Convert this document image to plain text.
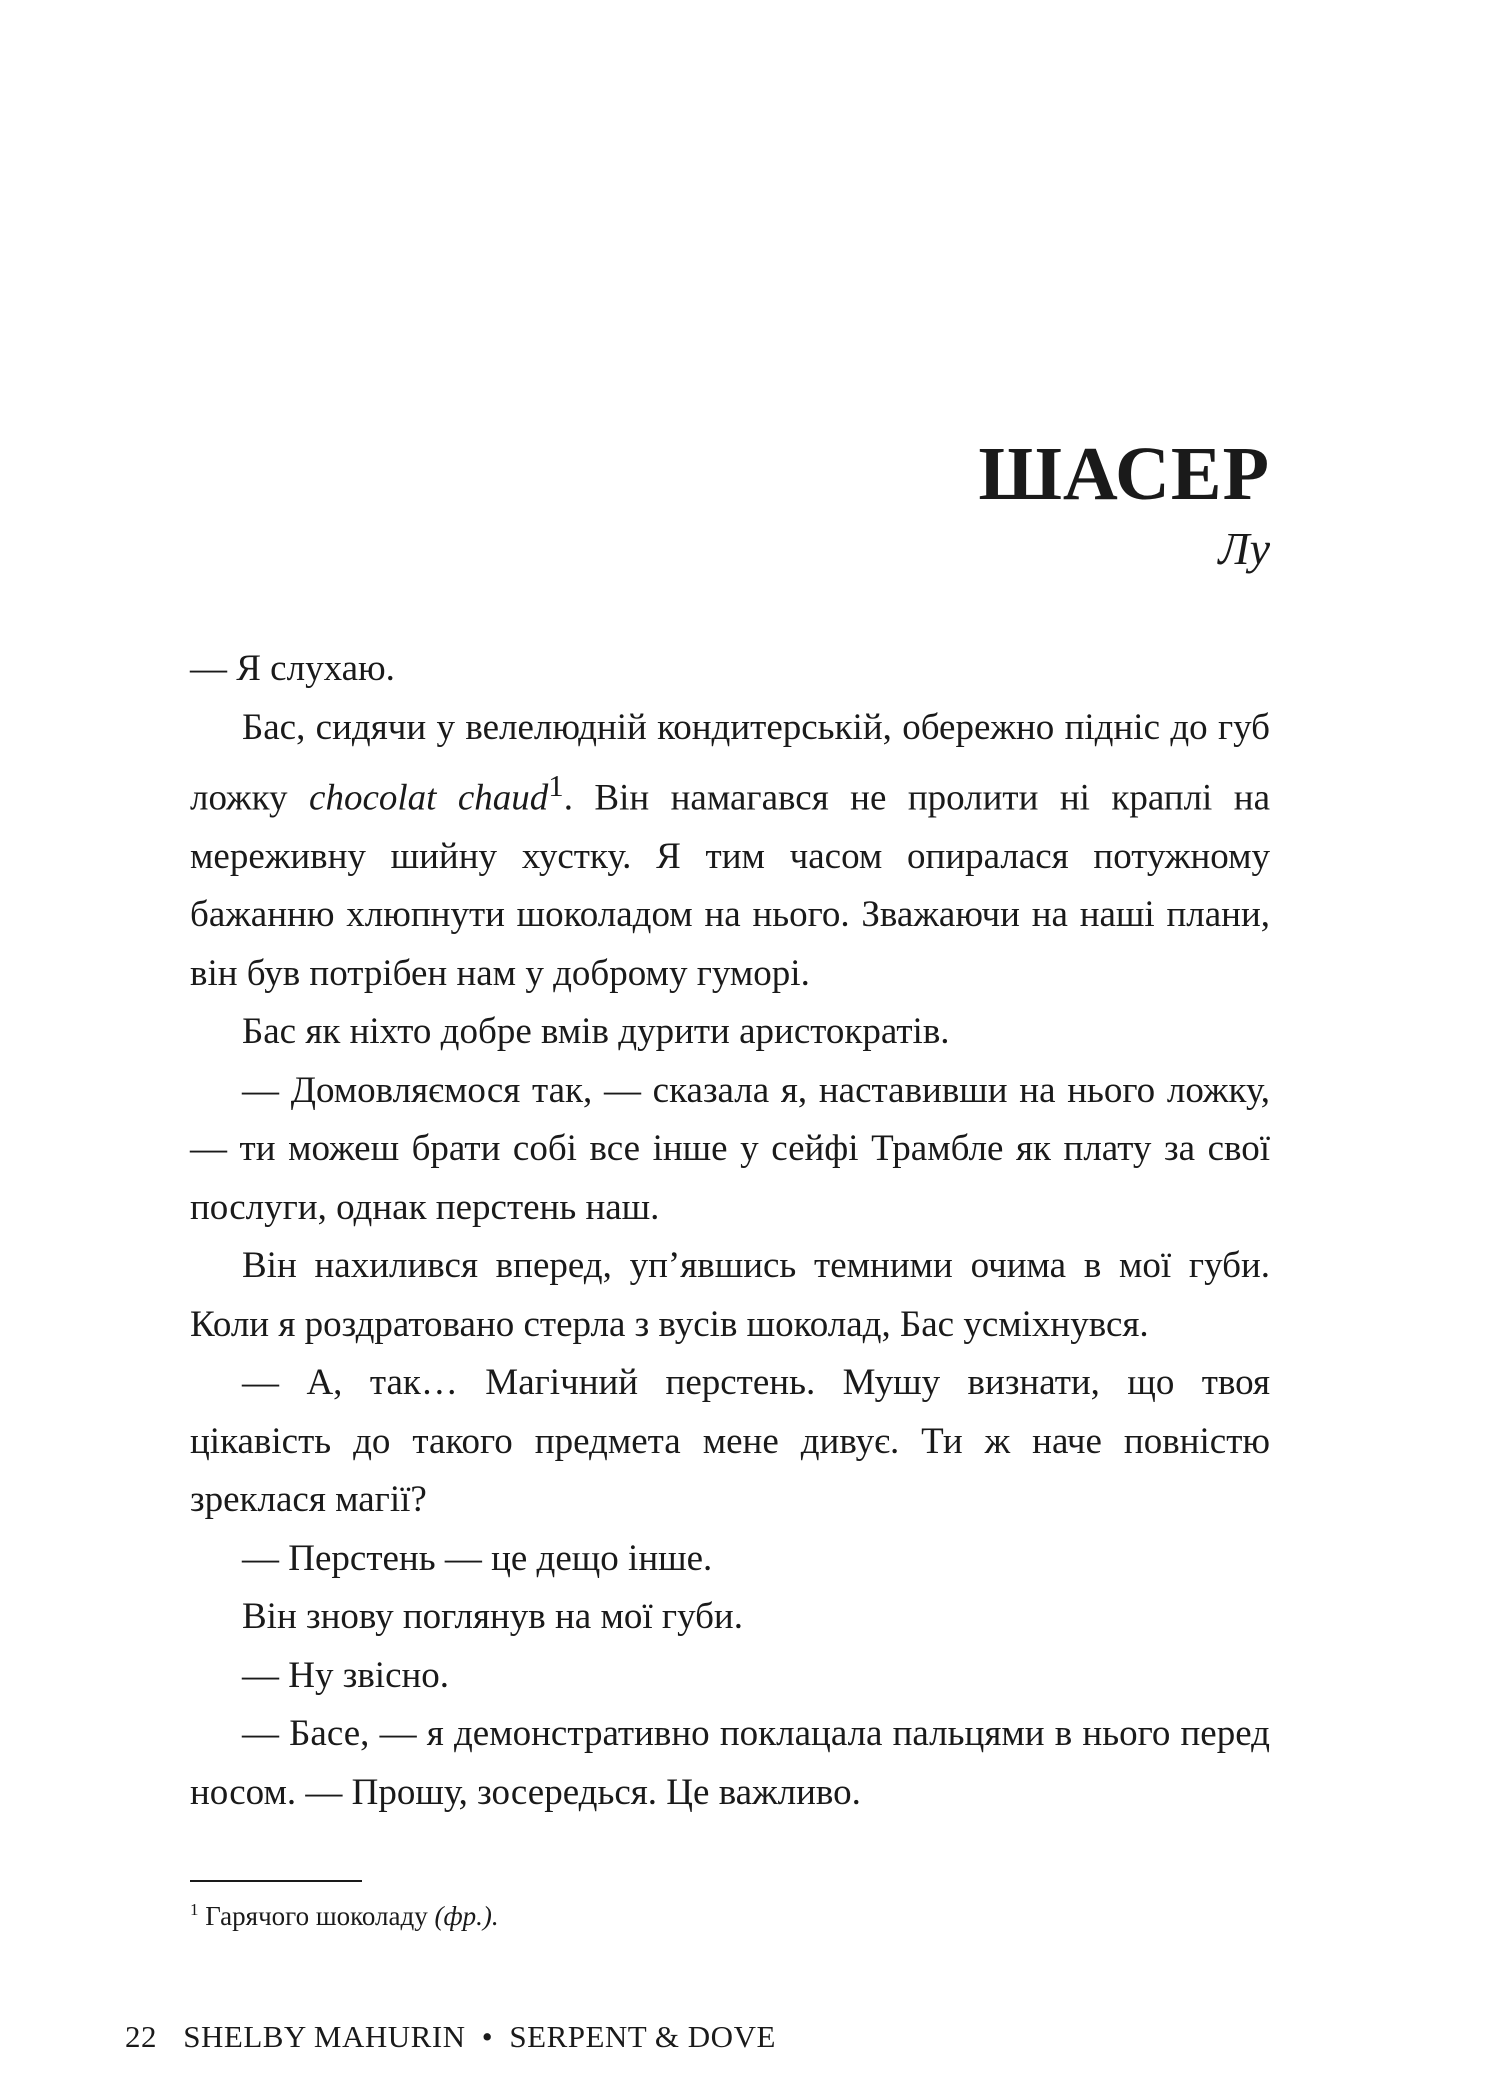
ШАСЕР
Лу

— Я слухаю.

Бас, сидячи у велелюдній кондитерській, обережно підніс до губ ложку chocolat chaud$^1$. Він намагався не пролити ні краплі на мереживну шийну хустку. Я тим часом опиралася потужному бажанню хлюпнути шоколадом на нього. Зважаючи на наші плани, він був потрібен нам у доброму гуморі.

Бас як ніхто добре вмів дурити аристократів.

— Домовляємося так, — сказала я, наставивши на нього ложку, — ти можеш брати собі все інше у сейфі Трамбле як плату за свої послуги, однак перстень наш.

Він нахилився вперед, уп’явшись темними очима в мої губи. Коли я роздратовано стерла з вусів шоколад, Бас усміхнувся.

— А, так… Магічний перстень. Мушу визнати, що твоя цікавість до такого предмета мене дивує. Ти ж наче повністю зреклася магії?

— Перстень — це дещо інше.

Він знову поглянув на мої губи.

— Ну звісно.

— Басе, — я демонстративно поклацала пальцями в нього перед носом. — Прошу, зосередься. Це важливо.

$^1$ Гарячого шоколаду (фр.).
22 SHELBY MAHURIN • SERPENT & DOVE
